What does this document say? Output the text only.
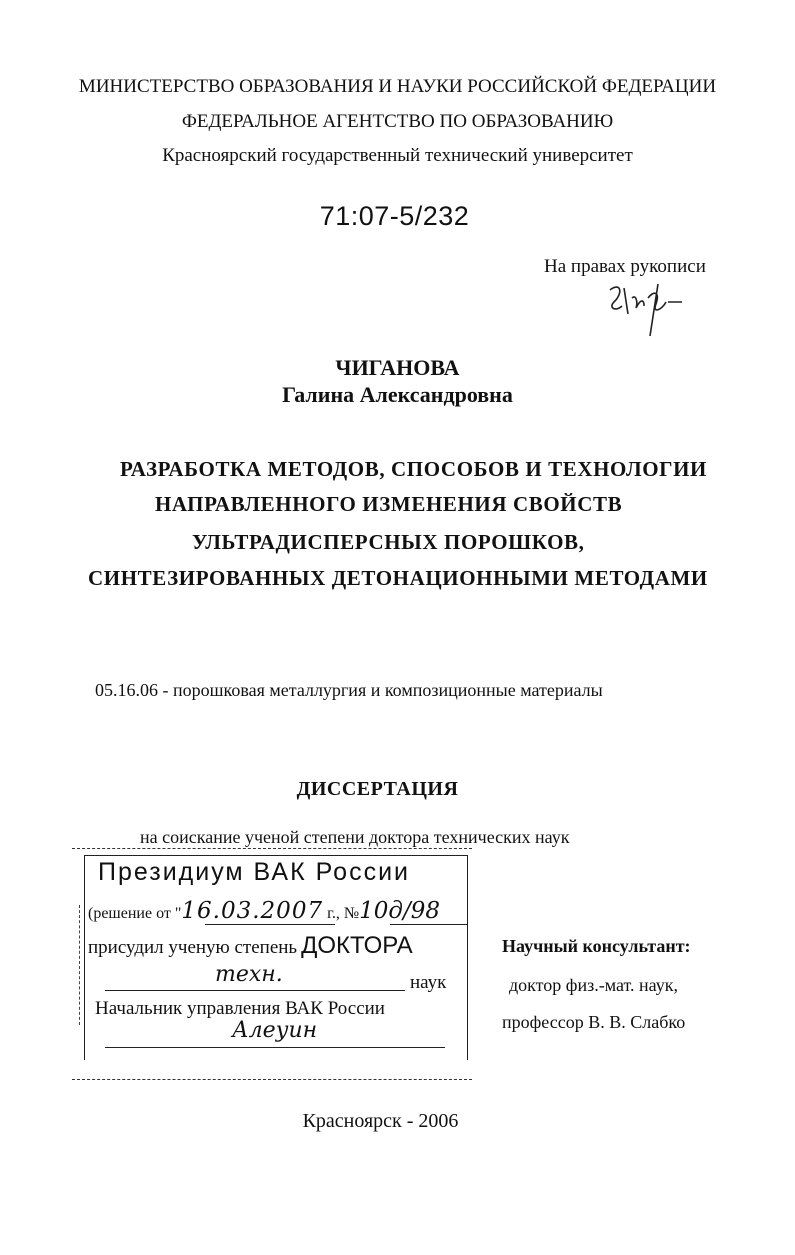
МИНИСТЕРСТВО ОБРАЗОВАНИЯ И НАУКИ РОССИЙСКОЙ ФЕДЕРАЦИИ
ФЕДЕРАЛЬНОЕ АГЕНТСТВО ПО ОБРАЗОВАНИЮ
Красноярский государственный технический университет
71:07-5/232
На правах рукописи
ЧИГАНОВА
Галина Александровна
РАЗРАБОТКА МЕТОДОВ, СПОСОБОВ И ТЕХНОЛОГИИ
НАПРАВЛЕННОГО ИЗМЕНЕНИЯ СВОЙСТВ
УЛЬТРАДИСПЕРСНЫХ ПОРОШКОВ,
СИНТЕЗИРОВАННЫХ ДЕТОНАЦИОННЫМИ МЕТОДАМИ
05.16.06 - порошковая металлургия и композиционные материалы
ДИССЕРТАЦИЯ
на соискание ученой степени доктора технических наук
Президиум ВАК России
(решение от "16.03.2007 г., №10д/98
присудил ученую степень ДОКТОРА
техн.	наук
Начальник управления ВАК России
Алеуин
Научный консультант:
доктор физ.-мат. наук,
профессор В. В. Слабко
Красноярск - 2006
